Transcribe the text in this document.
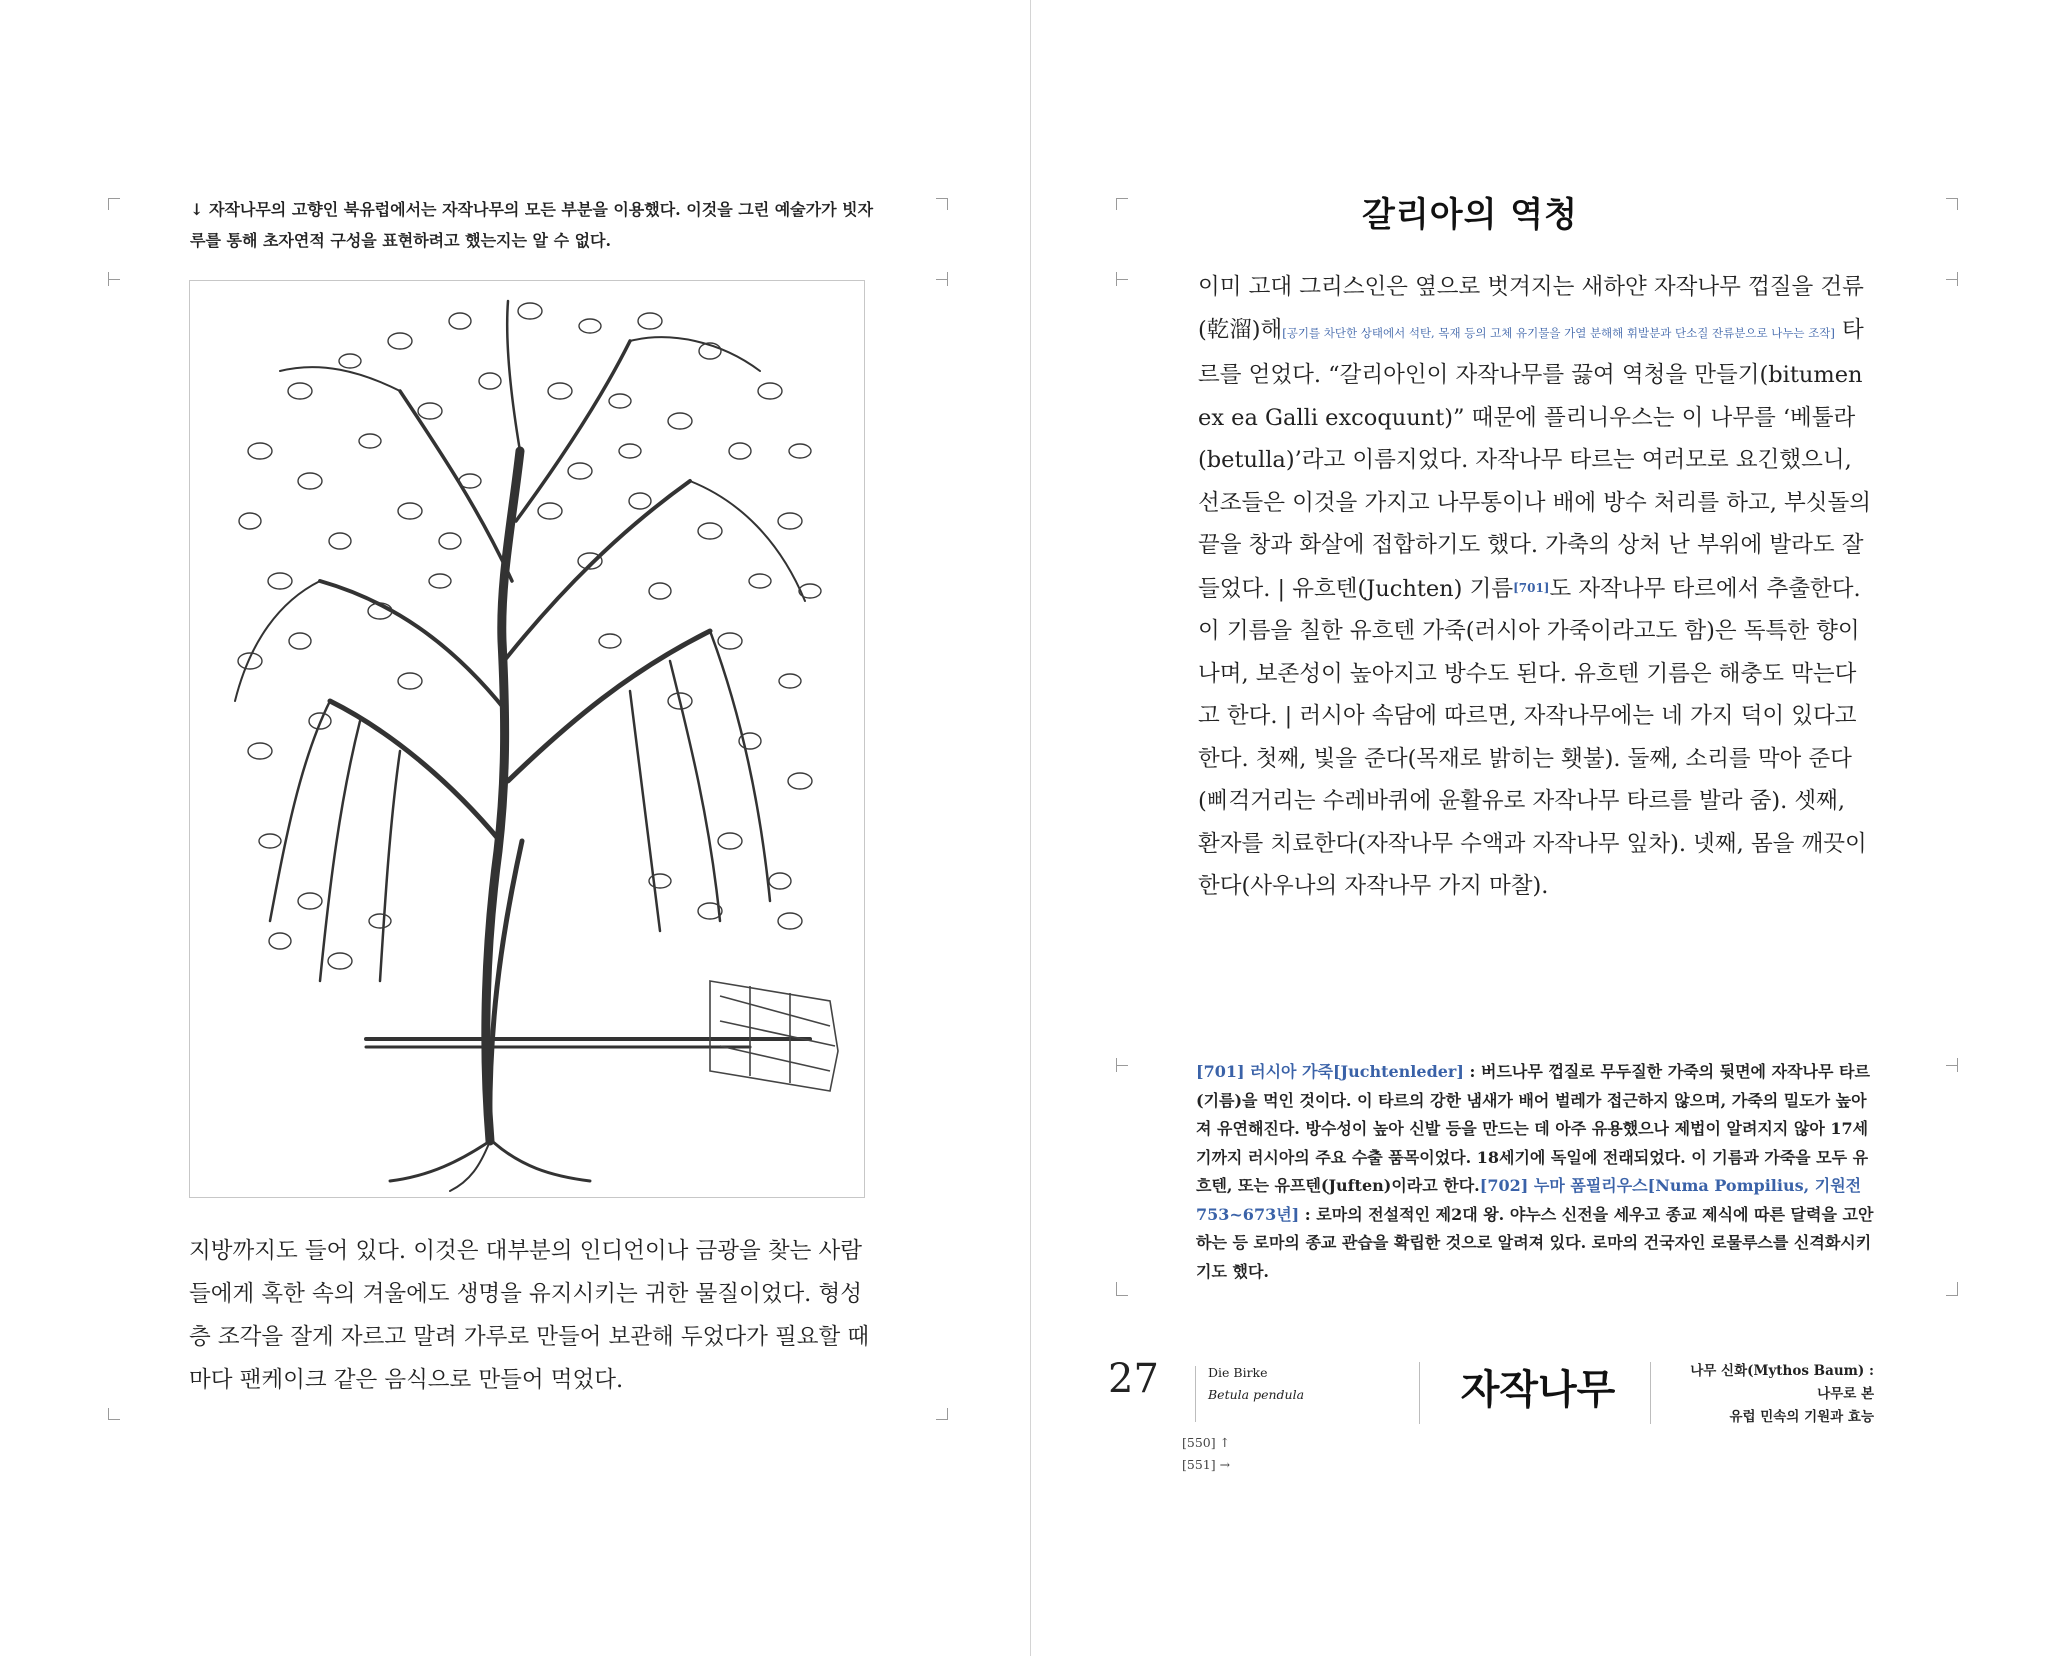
↓ 자작나무의 고향인 북유럽에서는 자작나무의 모든 부분을 이용했다. 이것을 그린 예술가가 빗자루를 통해 초자연적 구성을 표현하려고 했는지는 알 수 없다.
지방까지도 들어 있다. 이것은 대부분의 인디언이나 금광을 찾는 사람들에게 혹한 속의 겨울에도 생명을 유지시키는 귀한 물질이었다. 형성층 조각을 잘게 자르고 말려 가루로 만들어 보관해 두었다가 필요할 때마다 팬케이크 같은 음식으로 만들어 먹었다.
갈리아의 역청
이미 고대 그리스인은 옆으로 벗겨지는 새하얀 자작나무 껍질을 건류(乾溜)해[공기를 차단한 상태에서 석탄, 목재 등의 고체 유기물을 가열 분해해 휘발분과 단소질 잔류분으로 나누는 조작] 타르를 얻었다. “갈리아인이 자작나무를 끓여 역청을 만들기(bitumen ex ea Galli excoquunt)” 때문에 플리니우스는 이 나무를 ‘베툴라(betulla)’라고 이름지었다. 자작나무 타르는 여러모로 요긴했으니, 선조들은 이것을 가지고 나무통이나 배에 방수 처리를 하고, 부싯돌의 끝을 창과 화살에 접합하기도 했다. 가축의 상처 난 부위에 발라도 잘 들었다. | 유흐텐(Juchten) 기름[701]도 자작나무 타르에서 추출한다. 이 기름을 칠한 유흐텐 가죽(러시아 가죽이라고도 함)은 독특한 향이 나며, 보존성이 높아지고 방수도 된다. 유흐텐 기름은 해충도 막는다고 한다. | 러시아 속담에 따르면, 자작나무에는 네 가지 덕이 있다고 한다. 첫째, 빛을 준다(목재로 밝히는 횃불). 둘째, 소리를 막아 준다(삐걱거리는 수레바퀴에 윤활유로 자작나무 타르를 발라 줌). 셋째, 환자를 치료한다(자작나무 수액과 자작나무 잎차). 넷째, 몸을 깨끗이 한다(사우나의 자작나무 가지 마찰).
[701] 러시아 가죽[Juchtenleder] : 버드나무 껍질로 무두질한 가죽의 뒷면에 자작나무 타르(기름)을 먹인 것이다. 이 타르의 강한 냄새가 배어 벌레가 접근하지 않으며, 가죽의 밀도가 높아져 유연해진다. 방수성이 높아 신발 등을 만드는 데 아주 유용했으나 제법이 알려지지 않아 17세기까지 러시아의 주요 수출 품목이었다. 18세기에 독일에 전래되었다. 이 기름과 가죽을 모두 유흐텐, 또는 유프텐(Juften)이라고 한다.[702] 누마 폼필리우스[Numa Pompilius, 기원전 753~673년] : 로마의 전설적인 제2대 왕. 야누스 신전을 세우고 종교 제식에 따른 달력을 고안하는 등 로마의 종교 관습을 확립한 것으로 알려져 있다. 로마의 건국자인 로물루스를 신격화시키기도 했다.
27	Die Birke
Betula pendula	자작나무	나무 신화(Mythos Baum) :
나무로 본
유럽 민속의 기원과 효능
[550] ↑
[551] →
